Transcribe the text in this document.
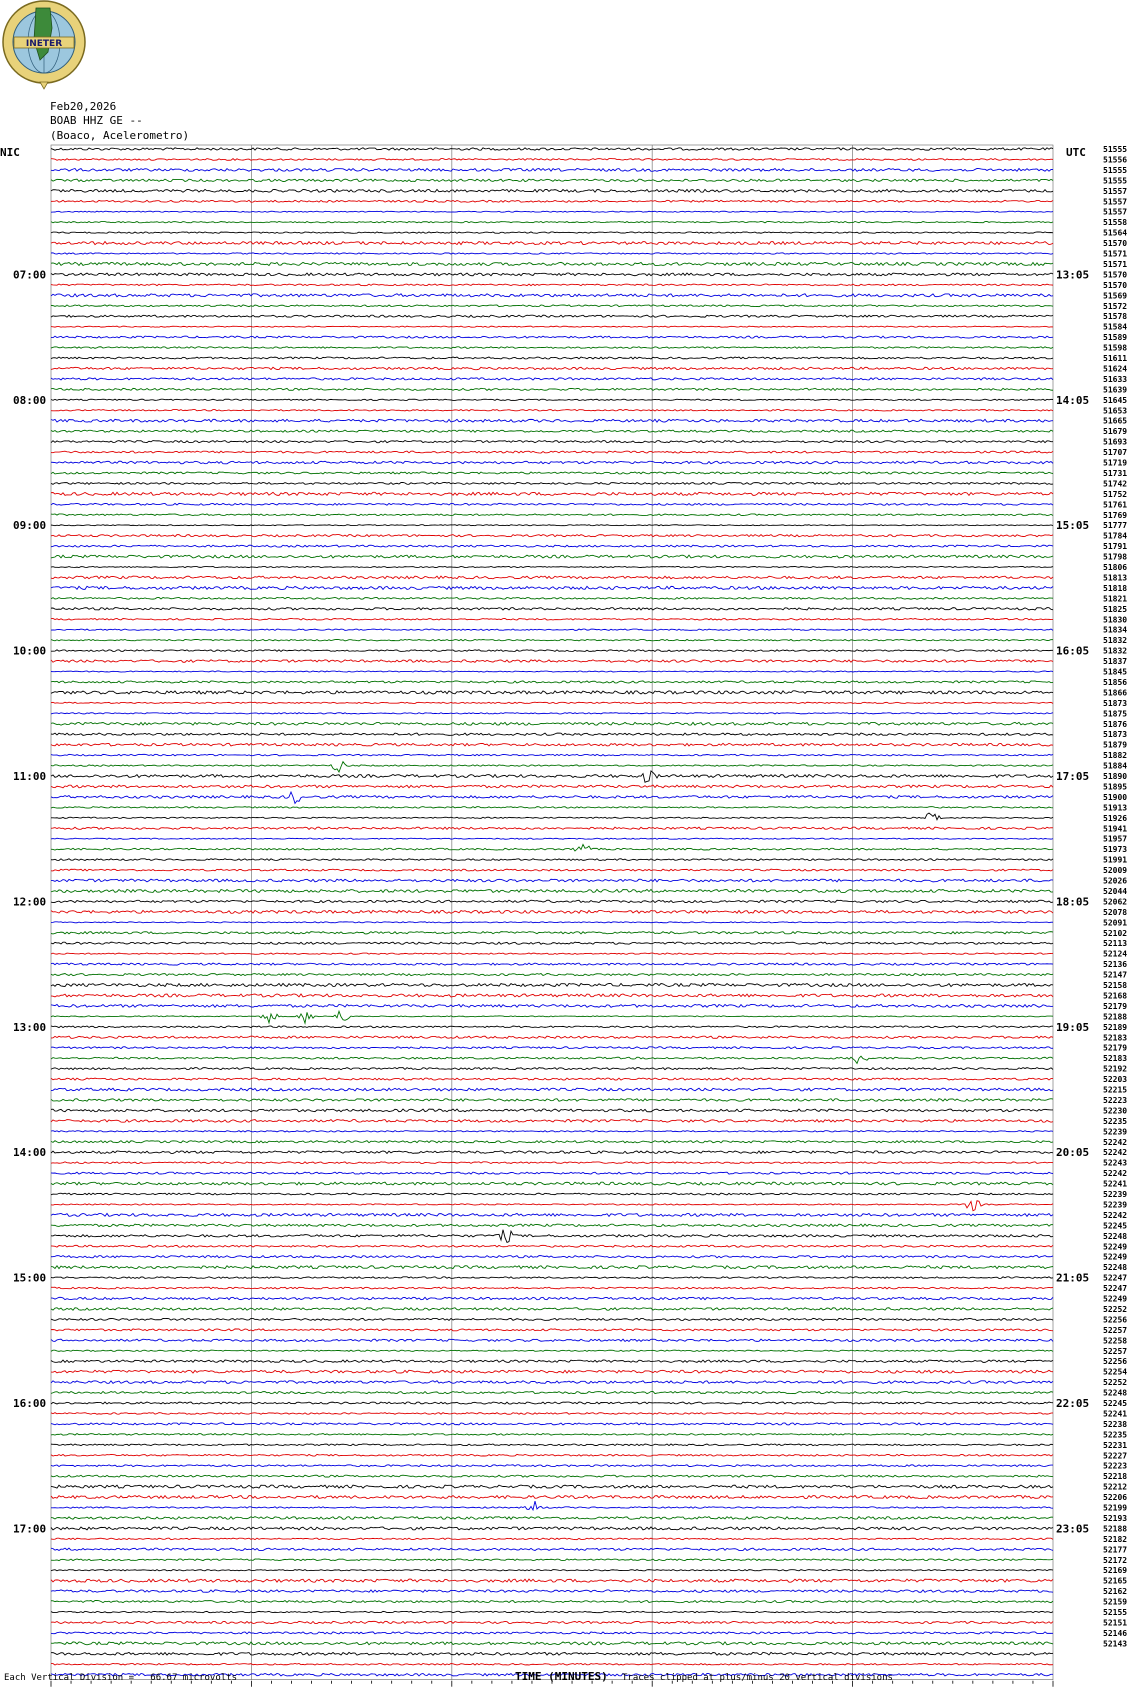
INETER
Feb20,2026
BOAB HHZ GE --
(Boaco, Acelerometro)
NIC	UTC 51555
51556
51555
51555
51557
51557
51557
51558
51564
51570
51571
51571
51570
51570
51569
51572
51578
51584
51589
51598
51611
51624
51633
51639
51645
51653
51665
51679
51693
51707
51719
51731
51742
51752
51761
51769
51777
51784
51791
51798
51806
51813
51818
51821
51825
51830
51834
51832
51832
51837
51845
51856
51866
51873
51875
51876
51873
51879
51882
51884
51890
51895
51900
51913
51926
51941
51957
51973
51991
52009
52026
52044
52062
52078
52091
52102
52113
52124
52136
52147
52158
52168
52179
52188
52189
52183
52179
52183
52192
52203
52215
52223
52230
52235
52239
52242
52242
52243
52242
52241
52239
52239
52242
52245
52248
52249
52249
52248
52247
52247
52249
52252
52256
52257
52258
52257
52256
52254
52252
52248
52245
52241
52238
52235
52231
52227
52223
52218
52212
52206
52199
52193
52188
52182
52177
52172
52169
52165
52162
52159
52155
52151
52146
52143
07:00
08:00
09:00
10:00
11:00
12:00
13:00
14:00
15:00
16:00
17:00
13:05
14:05
15:05
16:05
17:05
18:05
19:05
20:05
21:05
22:05
23:05
Each Vertical Division =   66.67 microvolts	TIME (MINUTES) Traces clipped at plus/minus 20 vertical divisions
